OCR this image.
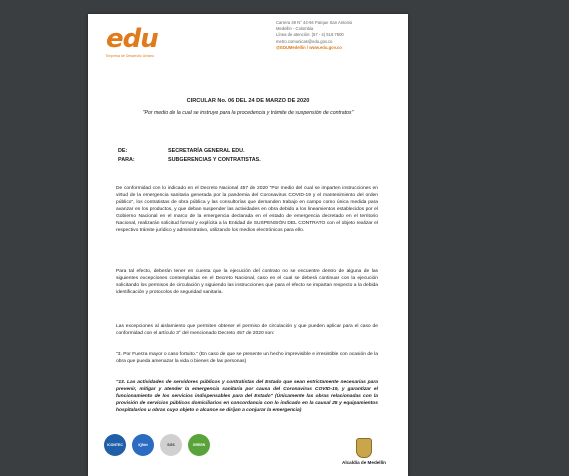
edu
Empresa de Desarrollo Urbano
Carrera 49 N° 44-94 Parque San Antonio
Medellín - Colombia
Línea de atención: (57 - 4) 516 7600
metro.comunicas@edu.gov.co
@EDUMedellin / www.edu.gov.co
CIRCULAR No. 06 DEL 24 DE MARZO DE 2020
"Por medio de la cual se instruye para la procedencia y trámite de suspensión de contratos"
DE:	SECRETARÍA GENERAL EDU.
PARA:	SUBGERENCIAS Y CONTRATISTAS.
De conformidad con lo indicado en el Decreto Nacional 457 de 2020 "Por medio del cual se imparten instrucciones en virtud de la emergencia sanitaria generada por la pandemia del Coronavirus COVID-19 y el mantenimiento del orden público", los contratistas de obra pública y las consultorías que demanden trabajo en campo como única medida para avanzar en los productos, y que deban suspender las actividades en obra debido a los lineamientos establecidos por el Gobierno Nacional en el marco de la emergencia declarada en el estado de emergencia decretado en el territorio Nacional, realizarán solicitud formal y explícita a la Entidad de SUSPENSIÓN DEL CONTRATO con el objeto realizar el respectivo trámite jurídico y administrativo, utilizando los medios electrónicos para ello.
Para tal efecto, deberán tener en cuenta que la ejecución del contrato no se encuentre dentro de alguna de las siguientes excepciones contempladas en el Decreto Nacional, caso en el cual se deberá continuar con la ejecución solicitando los permisos de circulación y siguiendo las instrucciones que para el efecto se impartan respecto a la debida identificación y protocolos de seguridad sanitaria.
Las excepciones al aislamiento que permiten obtener el permiso de circulación y que pueden aplicar para el caso de conformidad con el artículo 3° del mencionado Decreto 457 de 2020 son:
"3. Por Fuerza mayor o caso fortuito." (En caso de que se presente un hecho imprevisible e irresistible con ocasión de la obra que pueda amenazar la vida o bienes de las personas)
"13. Las actividades de servidores públicos y contratistas del Estado que sean estrictamente necesarias para prevenir, mitigar y atender la emergencia sanitaria por causa del Coronavirus COVID-19, y garantizar el funcionamiento de los servicios indispensables para del Estado" (Únicamente las obras relacionadas con la provisión de servicios públicos domiciliarios en concordancia con lo indicado en la causal 25 y equipamientos hospitalarios u obras cuyo objeto o alcance se dirijan a conjurar la emergencia)
ICONTEC	IQNet	SGS	GREEN
Alcaldía de Medellín
